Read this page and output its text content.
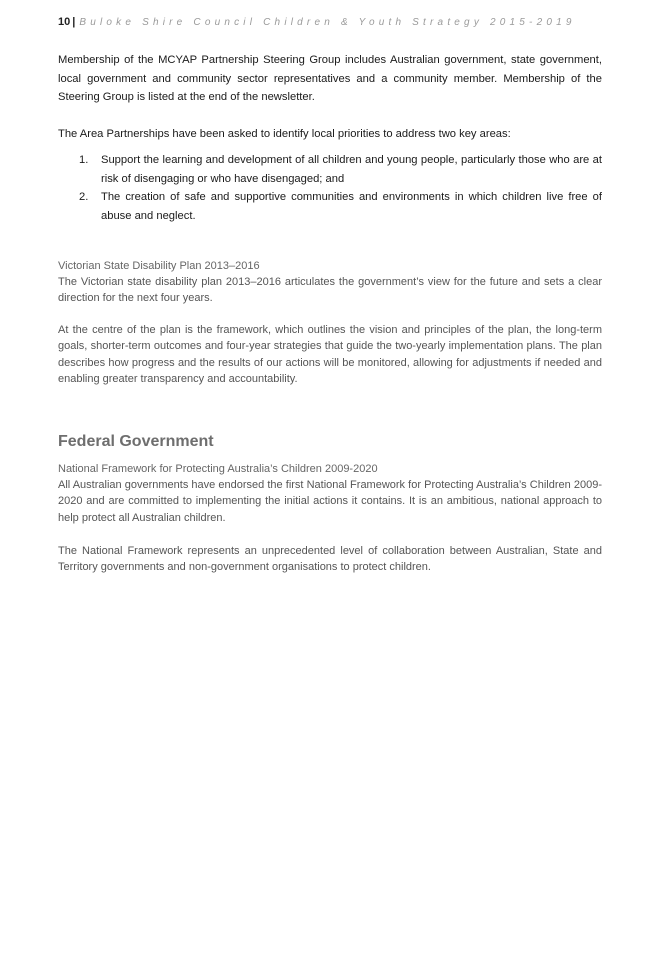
10 | Buloke Shire Council Children & Youth Strategy 2015-2019

Membership of the MCYAP Partnership Steering Group includes Australian government, state government, local government and community sector representatives and a community member. Membership of the Steering Group is listed at the end of the newsletter.

The Area Partnerships have been asked to identify local priorities to address two key areas:

1. Support the learning and development of all children and young people, particularly those who are at risk of disengaging or who have disengaged; and
2. The creation of safe and supportive communities and environments in which children live free of abuse and neglect.
Victorian State Disability Plan 2013–2016

The Victorian state disability plan 2013–2016 articulates the government’s view for the future and sets a clear direction for the next four years.

At the centre of the plan is the framework, which outlines the vision and principles of the plan, the long-term goals, shorter-term outcomes and four-year strategies that guide the two-yearly implementation plans. The plan describes how progress and the results of our actions will be monitored, allowing for adjustments if needed and enabling greater transparency and accountability.

Federal Government
National Framework for Protecting Australia’s Children 2009-2020

All Australian governments have endorsed the first National Framework for Protecting Australia’s Children 2009-2020 and are committed to implementing the initial actions it contains. It is an ambitious, national approach to help protect all Australian children.

The National Framework represents an unprecedented level of collaboration between Australian, State and Territory governments and non-government organisations to protect children.
